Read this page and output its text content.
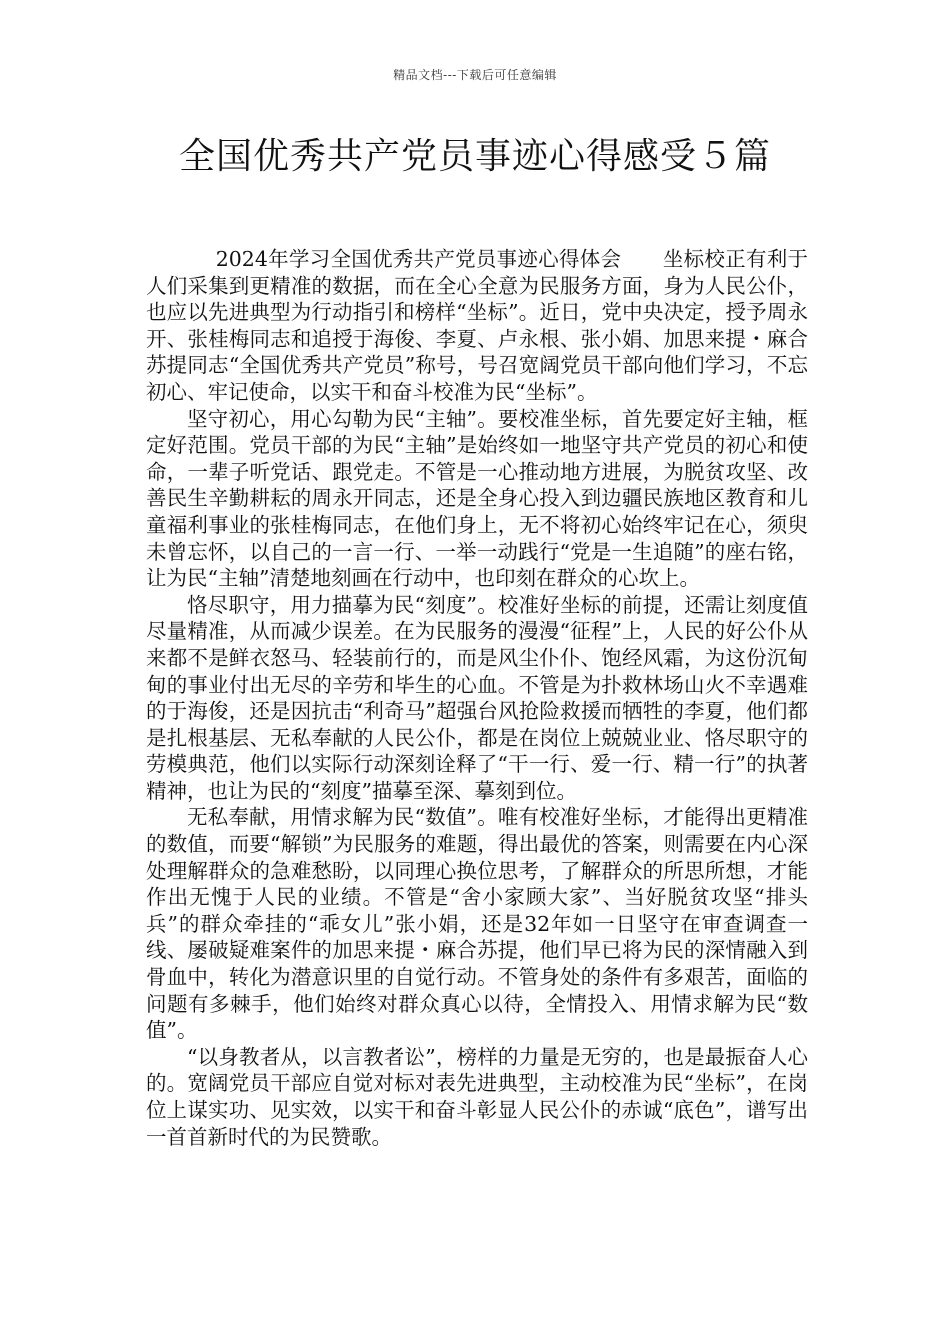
精品文档---下载后可任意编辑
全国优秀共产党员事迹心得感受５篇

2024年学习全国优秀共产党员事迹心得体会　　坐标校正有利于人们采集到更精准的数据，而在全心全意为民服务方面，身为人民公仆，也应以先进典型为行动指引和榜样“坐标”。近日，党中央决定，授予周永开、张桂梅同志和追授于海俊、李夏、卢永根、张小娟、加思来提・麻合苏提同志“全国优秀共产党员”称号，号召宽阔党员干部向他们学习，不忘初心、牢记使命，以实干和奋斗校准为民“坐标”。

坚守初心，用心勾勒为民“主轴”。要校准坐标，首先要定好主轴，框定好范围。党员干部的为民“主轴”是始终如一地坚守共产党员的初心和使命，一辈子听党话、跟党走。不管是一心推动地方进展，为脱贫攻坚、改善民生辛勤耕耘的周永开同志，还是全身心投入到边疆民族地区教育和儿童福利事业的张桂梅同志，在他们身上，无不将初心始终牢记在心，须臾未曾忘怀，以自己的一言一行、一举一动践行“党是一生追随”的座右铭，让为民“主轴”清楚地刻画在行动中，也印刻在群众的心坎上。

恪尽职守，用力描摹为民“刻度”。校准好坐标的前提，还需让刻度值尽量精准，从而减少误差。在为民服务的漫漫“征程”上，人民的好公仆从来都不是鲜衣怒马、轻装前行的，而是风尘仆仆、饱经风霜，为这份沉甸甸的事业付出无尽的辛劳和毕生的心血。不管是为扑救林场山火不幸遇难的于海俊，还是因抗击“利奇马”超强台风抢险救援而牺牲的李夏，他们都是扎根基层、无私奉献的人民公仆，都是在岗位上兢兢业业、恪尽职守的劳模典范，他们以实际行动深刻诠释了“干一行、爱一行、精一行”的执著精神，也让为民的“刻度”描摹至深、摹刻到位。

无私奉献，用情求解为民“数值”。唯有校准好坐标，才能得出更精准的数值，而要“解锁”为民服务的难题，得出最优的答案，则需要在内心深处理解群众的急难愁盼，以同理心换位思考，了解群众的所思所想，才能作出无愧于人民的业绩。不管是“舍小家顾大家”、当好脱贫攻坚“排头兵”的群众牵挂的“乖女儿”张小娟，还是32年如一日坚守在审查调查一线、屡破疑难案件的加思来提・麻合苏提，他们早已将为民的深情融入到骨血中，转化为潜意识里的自觉行动。不管身处的条件有多艰苦，面临的问题有多棘手，他们始终对群众真心以待，全情投入、用情求解为民“数值”。

“以身教者从，以言教者讼”，榜样的力量是无穷的，也是最振奋人心的。宽阔党员干部应自觉对标对表先进典型，主动校准为民“坐标”，在岗位上谋实功、见实效，以实干和奋斗彰显人民公仆的赤诚“底色”，谱写出一首首新时代的为民赞歌。
